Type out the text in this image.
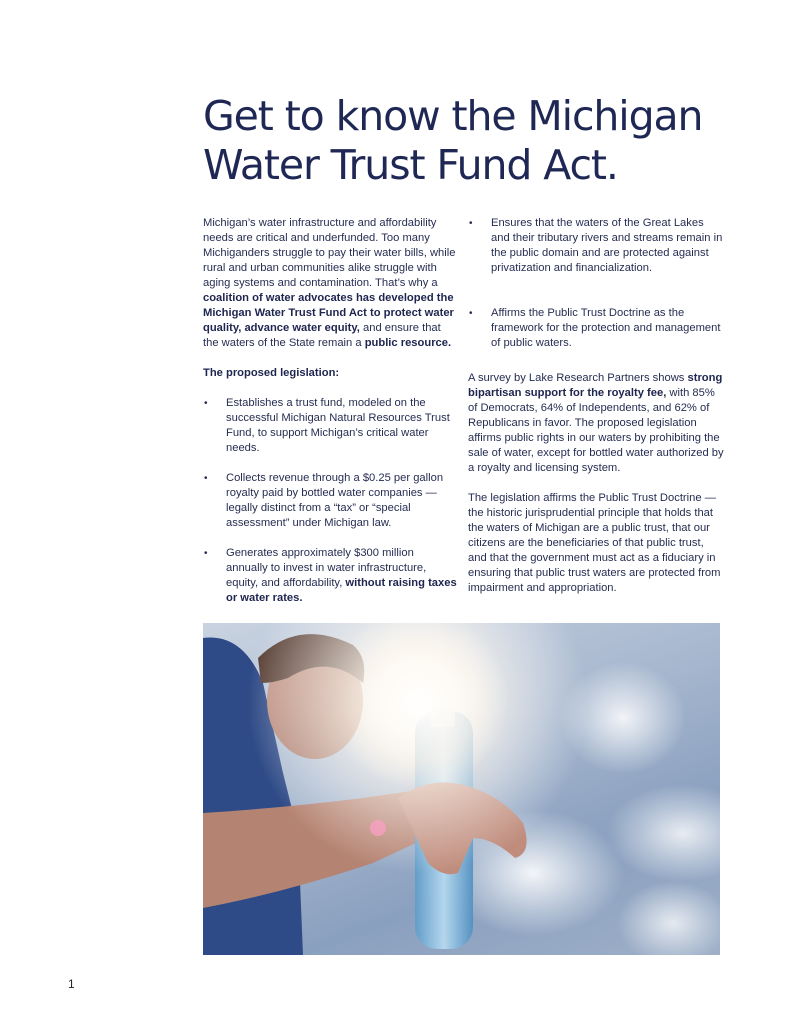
Get to know the Michigan
Water Trust Fund Act.

Michigan’s water infrastructure and affordability needs are critical and underfunded. Too many Michiganders struggle to pay their water bills, while rural and urban communities alike struggle with aging systems and contamination. That’s why a coalition of water advocates has developed the Michigan Water Trust Fund Act to protect water quality, advance water equity, and ensure that the waters of the State remain a public resource.

The proposed legislation:

• Establishes a trust fund, modeled on the successful Michigan Natural Resources Trust Fund, to support Michigan’s critical water needs.

• Collects revenue through a $0.25 per gallon royalty paid by bottled water companies — legally distinct from a “tax” or “special assessment” under Michigan law.

• Generates approximately $300 million annually to invest in water infrastructure, equity, and affordability, without raising taxes or water rates.

• Ensures that the waters of the Great Lakes and their tributary rivers and streams remain in the public domain and are protected against privatization and financialization.

• Affirms the Public Trust Doctrine as the framework for the protection and management of public waters.

A survey by Lake Research Partners shows strong bipartisan support for the royalty fee, with 85% of Democrats, 64% of Independents, and 62% of Republicans in favor. The proposed legislation affirms public rights in our waters by prohibiting the sale of water, except for bottled water authorized by a royalty and licensing system.

The legislation affirms the Public Trust Doctrine — the historic jurisprudential principle that holds that the waters of Michigan are a public trust, that our citizens are the beneficiaries of that public trust, and that the government must act as a fiduciary in ensuring that public trust waters are protected from impairment and appropriation.

1
